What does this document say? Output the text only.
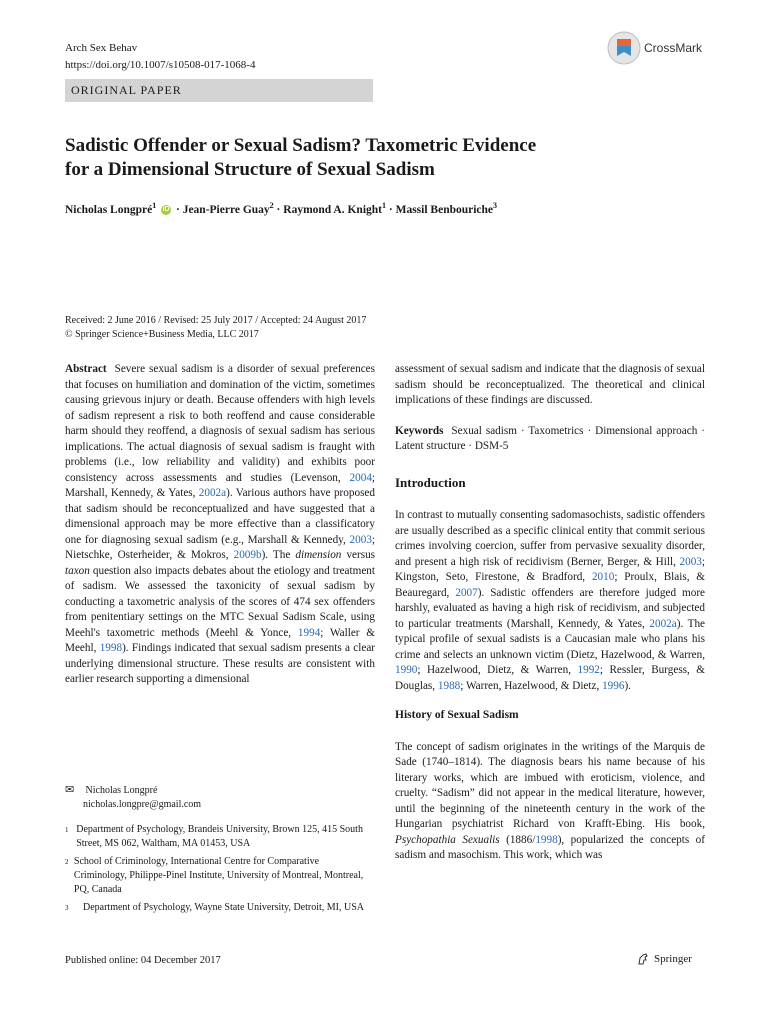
Arch Sex Behav
https://doi.org/10.1007/s10508-017-1068-4
CrossMark
ORIGINAL PAPER
Sadistic Offender or Sexual Sadism? Taxometric Evidence
for a Dimensional Structure of Sexual Sadism
Nicholas Longpré$^1$ iD · Jean-Pierre Guay$^2$ · Raymond A. Knight$^1$ · Massil Benbouriche$^3$
Received: 2 June 2016 / Revised: 25 July 2017 / Accepted: 24 August 2017
© Springer Science+Business Media, LLC 2017

Abstract Severe sexual sadism is a disorder of sexual preferences that focuses on humiliation and domination of the victim, sometimes causing grievous injury or death. Because offenders with high levels of sadism represent a risk to both reoffend and cause considerable harm should they reoffend, a diagnosis of sexual sadism has serious implications. The actual diagnosis of sexual sadism is fraught with problems (i.e., low reliability and validity) and exhibits poor consistency across assessments and studies (Levenson, 2004; Marshall, Kennedy, & Yates, 2002a). Various authors have proposed that sadism should be reconceptualized and have suggested that a dimensional approach may be more effective than a classificatory one for diagnosing sexual sadism (e.g., Marshall & Kennedy, 2003; Nietschke, Osterheider, & Mokros, 2009b). The dimension versus taxon question also impacts debates about the etiology and treatment of sadism. We assessed the taxonicity of sexual sadism by conducting a taxometric analysis of the scores of 474 sex offenders from penitentiary settings on the MTC Sexual Sadism Scale, using Meehl's taxometric methods (Meehl & Yonce, 1994; Waller & Meehl, 1998). Findings indicated that sexual sadism presents a clear underlying dimensional structure. These results are consistent with earlier research supporting a dimensional

assessment of sexual sadism and indicate that the diagnosis of sexual sadism should be reconceptualized. The theoretical and clinical implications of these findings are discussed.

Keywords Sexual sadism · Taxometrics · Dimensional approach · Latent structure · DSM-5

Introduction

In contrast to mutually consenting sadomasochists, sadistic offenders are usually described as a specific clinical entity that commit serious crimes involving coercion, suffer from pervasive sexuality disorder, and present a high risk of recidivism (Berner, Berger, & Hill, 2003; Kingston, Seto, Firestone, & Bradford, 2010; Proulx, Blais, & Beauregard, 2007). Sadistic offenders are therefore judged more harshly, evaluated as having a high risk of recidivism, and subjected to particular treatments (Marshall, Kennedy, & Yates, 2002a). The typical profile of sexual sadists is a Caucasian male who plans his crime and selects an unknown victim (Dietz, Hazelwood, & Warren, 1990; Hazelwood, Dietz, & Warren, 1992; Ressler, Burgess, & Douglas, 1988; Warren, Hazelwood, & Dietz, 1996).

History of Sexual Sadism

The concept of sadism originates in the writings of the Marquis de Sade (1740–1814). The diagnosis bears his name because of his literary works, which are imbued with eroticism, violence, and cruelty. “Sadism” did not appear in the medical literature, however, until the beginning of the nineteenth century in the work of the Hungarian psychiatrist Richard von Krafft-Ebing. His book, Psychopathia Sexualis (1886/1998), popularized the concepts of sadism and masochism. This work, which was

✉ Nicholas Longpré
nicholas.longpre@gmail.com
1 Department of Psychology, Brandeis University, Brown 125, 415 South Street, MS 062, Waltham, MA 01453, USA
2 School of Criminology, International Centre for Comparative Criminology, Philippe-Pinel Institute, University of Montreal, Montreal, PQ, Canada
3	Department of Psychology, Wayne State University, Detroit, MI, USA
Published online: 04 December 2017	Springer
